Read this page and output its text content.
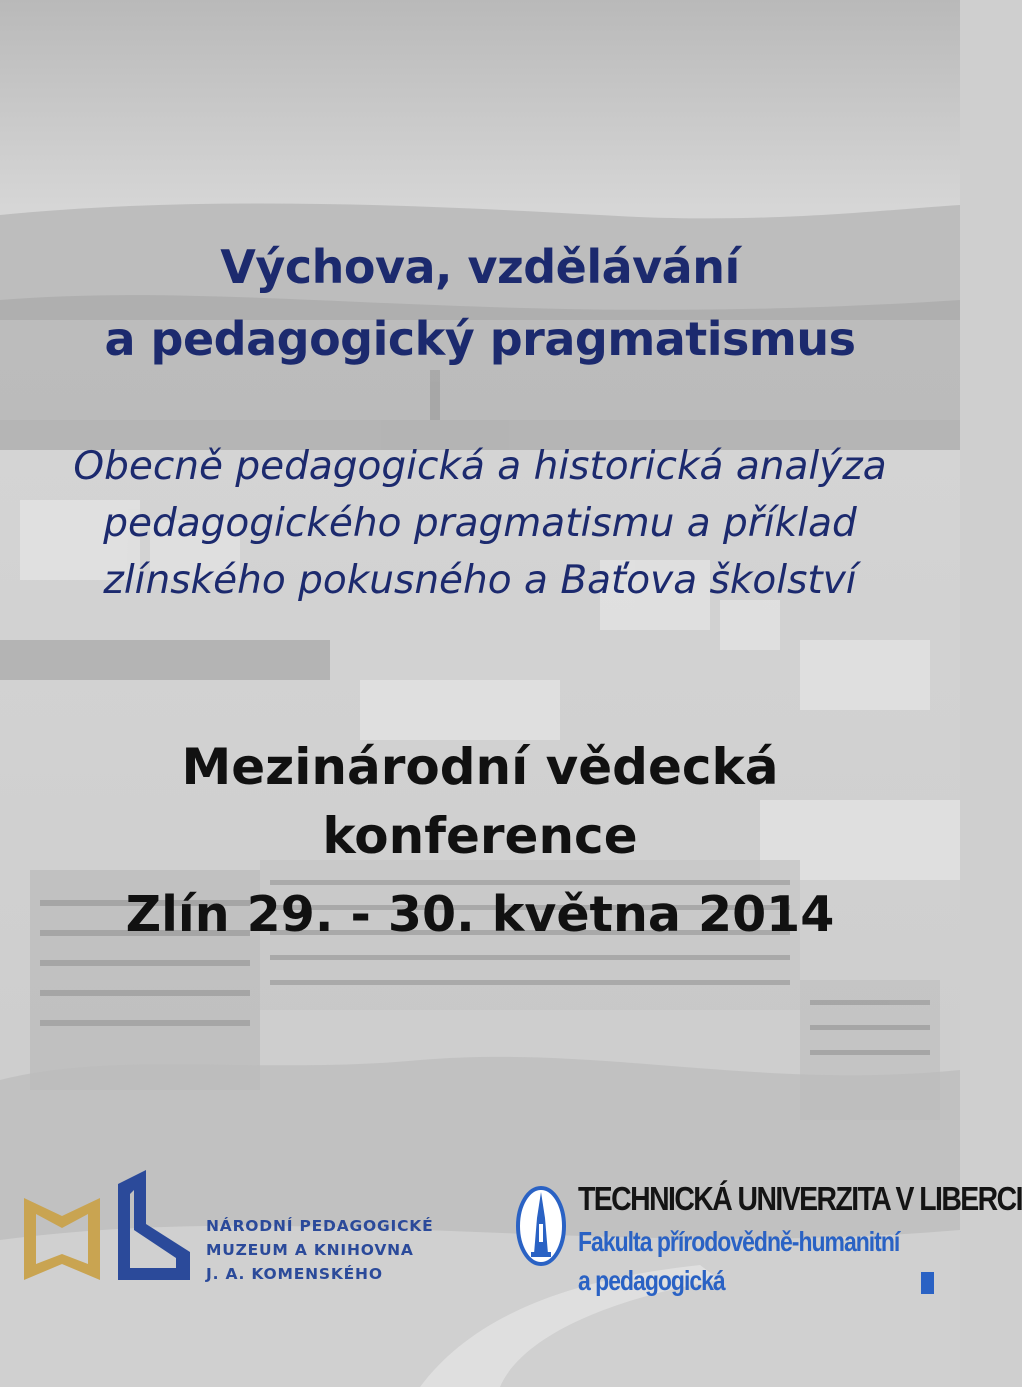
Výchova, vzdělávání
a pedagogický pragmatismus
Obecně pedagogická a historická analýza
pedagogického pragmatismu a příklad
zlínského pokusného a Baťova školství
Mezinárodní vědecká
konference
Zlín 29. - 30. května 2014
NÁRODNÍ PEDAGOGICKÉ
MUZEUM A KNIHOVNA
J. A. KOMENSKÉHO
TECHNICKÁ UNIVERZITA V LIBERCI
Fakulta přírodovědně-humanitní
a pedagogická
